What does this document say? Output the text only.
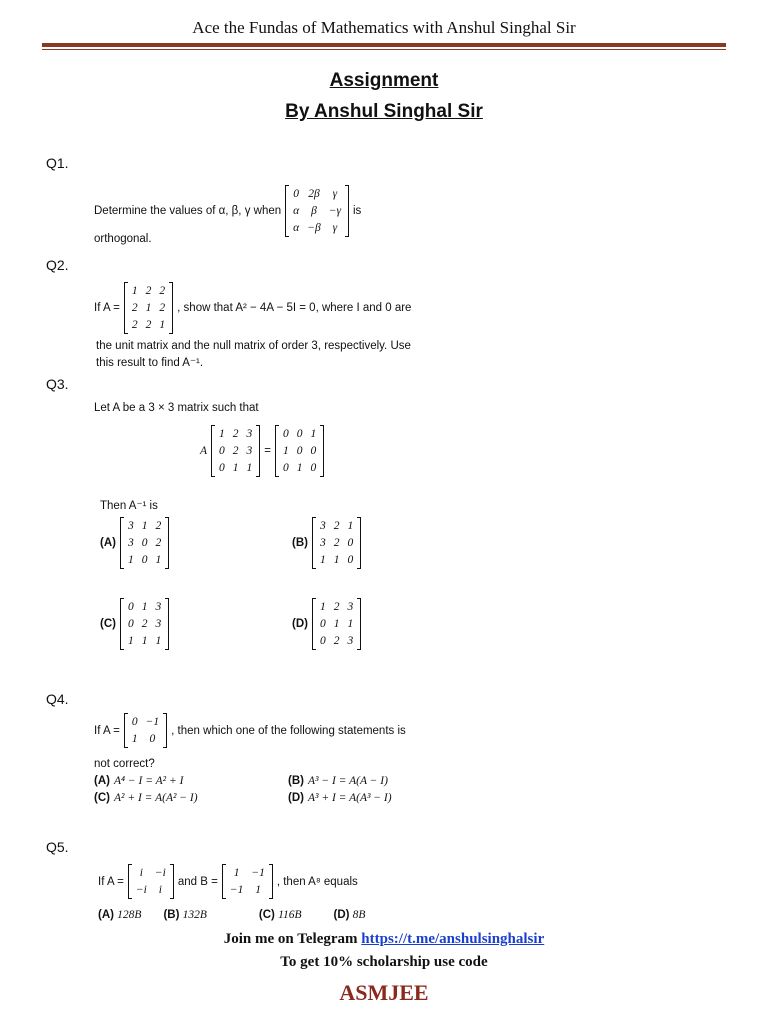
Ace the Fundas of Mathematics with Anshul Singhal Sir
Assignment
By Anshul Singhal Sir
Q1.
Determine the values of α, β, γ when
	0	2β	γ	
	α	β	−γ	
	α	−β	γ	
is
orthogonal.
Q2.
If A =
	1	2	2	
	2	1	2	
	2	2	1	
, show that A² − 4A − 5I = 0, where I and 0 are
the unit matrix and the null matrix of order 3, respectively. Use
this result to find A⁻¹.
Q3.
Let A be a 3 × 3 matrix such that
A
	1	2	3	
	0	2	3	
	0	1	1	
=
	0	0	1	
	1	0	0	
	0	1	0	
Then A⁻¹ is
(A)
	3	1	2	
	3	0	2	
	1	0	1	
(B)
	3	2	1	
	3	2	0	
	1	1	0	
(C)
	0	1	3	
	0	2	3	
	1	1	1	
(D)
	1	2	3	
	0	1	1	
	0	2	3	
Q4.
If A =
	0	−1	
	1	0	
, then which one of the following statements is
not correct?
(A) A⁴ − I = A² + I	(B) A³ − I = A(A − I)
(C) A² + I = A(A² − I)	(D) A³ + I = A(A³ − I)
Q5.
If A =
	i	−i	
	−i	i	
and B =
	1	−1	
	−1	1	
, then A⁸ equals
(A) 128B (B) 132B	(C) 116B	(D) 8B
Join me on Telegram https://t.me/anshulsinghalsir
To get 10% scholarship use code
ASMJEE
